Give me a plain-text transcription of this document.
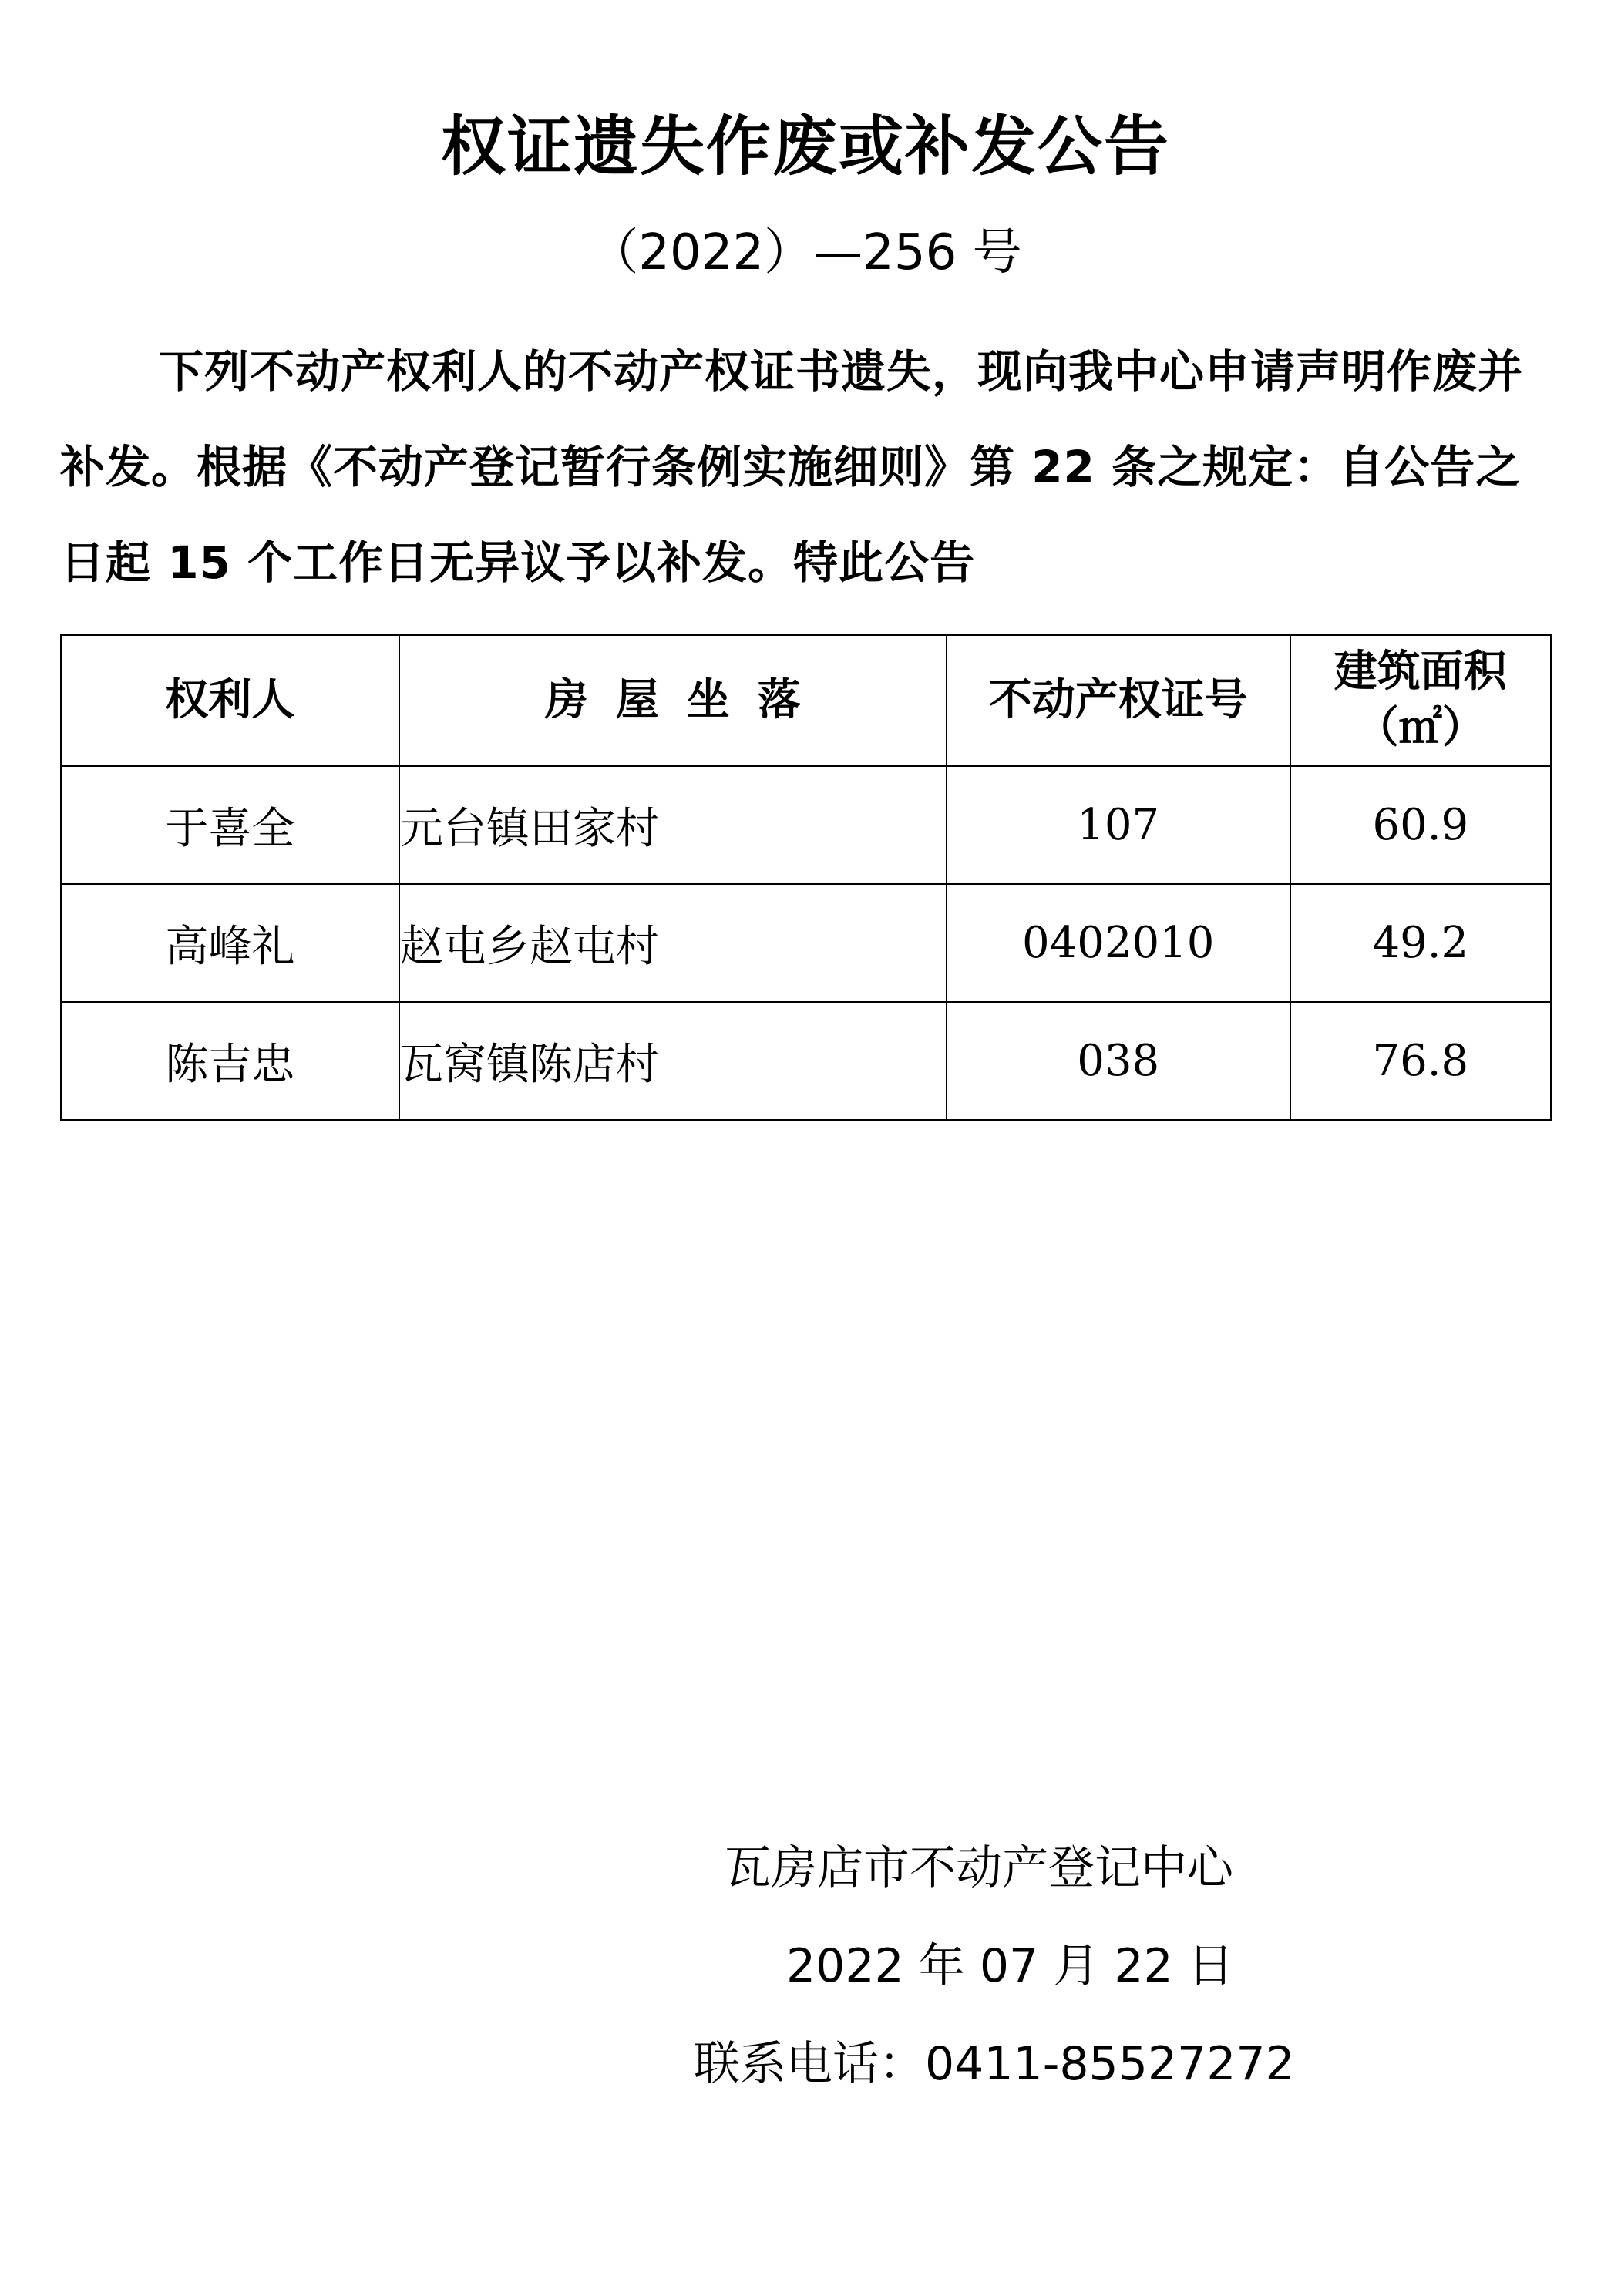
权证遗失作废或补发公告
（2022）—256 号
下列不动产权利人的不动产权证书遗失，现向我中心申请声明作废并补发。根据《不动产登记暂行条例实施细则》第 22 条之规定：自公告之日起 15 个工作日无异议予以补发。特此公告
权利人	房屋坐落	不动产权证号	建筑面积
（㎡）

于喜全	元台镇田家村	107	60.9
高峰礼	赵屯乡赵屯村	0402010	49.2
陈吉忠	瓦窝镇陈店村	038	76.8
瓦房店市不动产登记中心
2022 年 07 月 22 日
联系电话：0411-85527272
